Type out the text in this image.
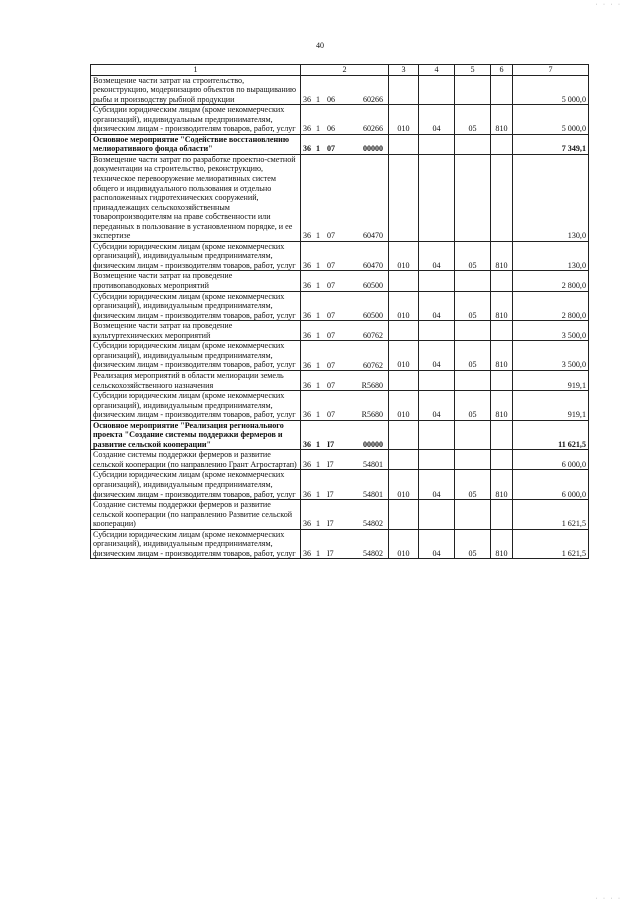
40
· · · ·
· · · ·
1	2	3	4	5	6	7
Возмещение части затрат на строительство, реконструкцию, модернизацию объектов по выращиванию рыбы и производству рыбной продукции	36 1 06 60266					5 000,0
Субсидии юридическим лицам (кроме некоммерческих организаций), индивидуальным предпринимателям, физическим лицам - производителям товаров, работ, услуг	36 1 06 60266	010	04	05	810	5 000,0
Основное мероприятие "Содействие восстановлению мелиоративного фонда области"	36 1 07 00000					7 349,1
Возмещение части затрат по разработке проектно-сметной документации на строительство, реконструкцию, техническое перевооружение мелиоративных систем общего и индивидуального пользования и отдельно расположенных гидротехнических сооружений, принадлежащих сельскохозяйственным товаропроизводителям на праве собственности или переданных в пользование в установленном порядке, и ее экспертизе	36 1 07 60470					130,0
Субсидии юридическим лицам (кроме некоммерческих организаций), индивидуальным предпринимателям, физическим лицам - производителям товаров, работ, услуг	36 1 07 60470	010	04	05	810	130,0
Возмещение части затрат на проведение противопаводковых мероприятий	36 1 07 60500					2 800,0
Субсидии юридическим лицам (кроме некоммерческих организаций), индивидуальным предпринимателям, физическим лицам - производителям товаров, работ, услуг	36 1 07 60500	010	04	05	810	2 800,0
Возмещение части затрат на проведение культуртехнических мероприятий	36 1 07 60762					3 500,0
Субсидии юридическим лицам (кроме некоммерческих организаций), индивидуальным предпринимателям, физическим лицам - производителям товаров, работ, услуг	36 1 07 60762	010	04	05	810	3 500,0
Реализация мероприятий в области мелиорации земель сельскохозяйственного назначения	36 1 07 R5680					919,1
Субсидии юридическим лицам (кроме некоммерческих организаций), индивидуальным предпринимателям, физическим лицам - производителям товаров, работ, услуг	36 1 07 R5680	010	04	05	810	919,1
Основное мероприятие "Реализация регионального проекта "Создание системы поддержки фермеров и развитие сельской кооперации"	36 1 I7 00000					11 621,5
Создание системы поддержки фермеров и развитие сельской кооперации (по направлению Грант Агростартап)	36 1 I7 54801					6 000,0
Субсидии юридическим лицам (кроме некоммерческих организаций), индивидуальным предпринимателям, физическим лицам - производителям товаров, работ, услуг	36 1 I7 54801	010	04	05	810	6 000,0
Создание системы поддержки фермеров и развитие сельской кооперации (по направлению Развитие сельской кооперации)	36 1 I7 54802					1 621,5
Субсидии юридическим лицам (кроме некоммерческих организаций), индивидуальным предпринимателям, физическим лицам - производителям товаров, работ, услуг	36 1 I7 54802	010	04	05	810	1 621,5
